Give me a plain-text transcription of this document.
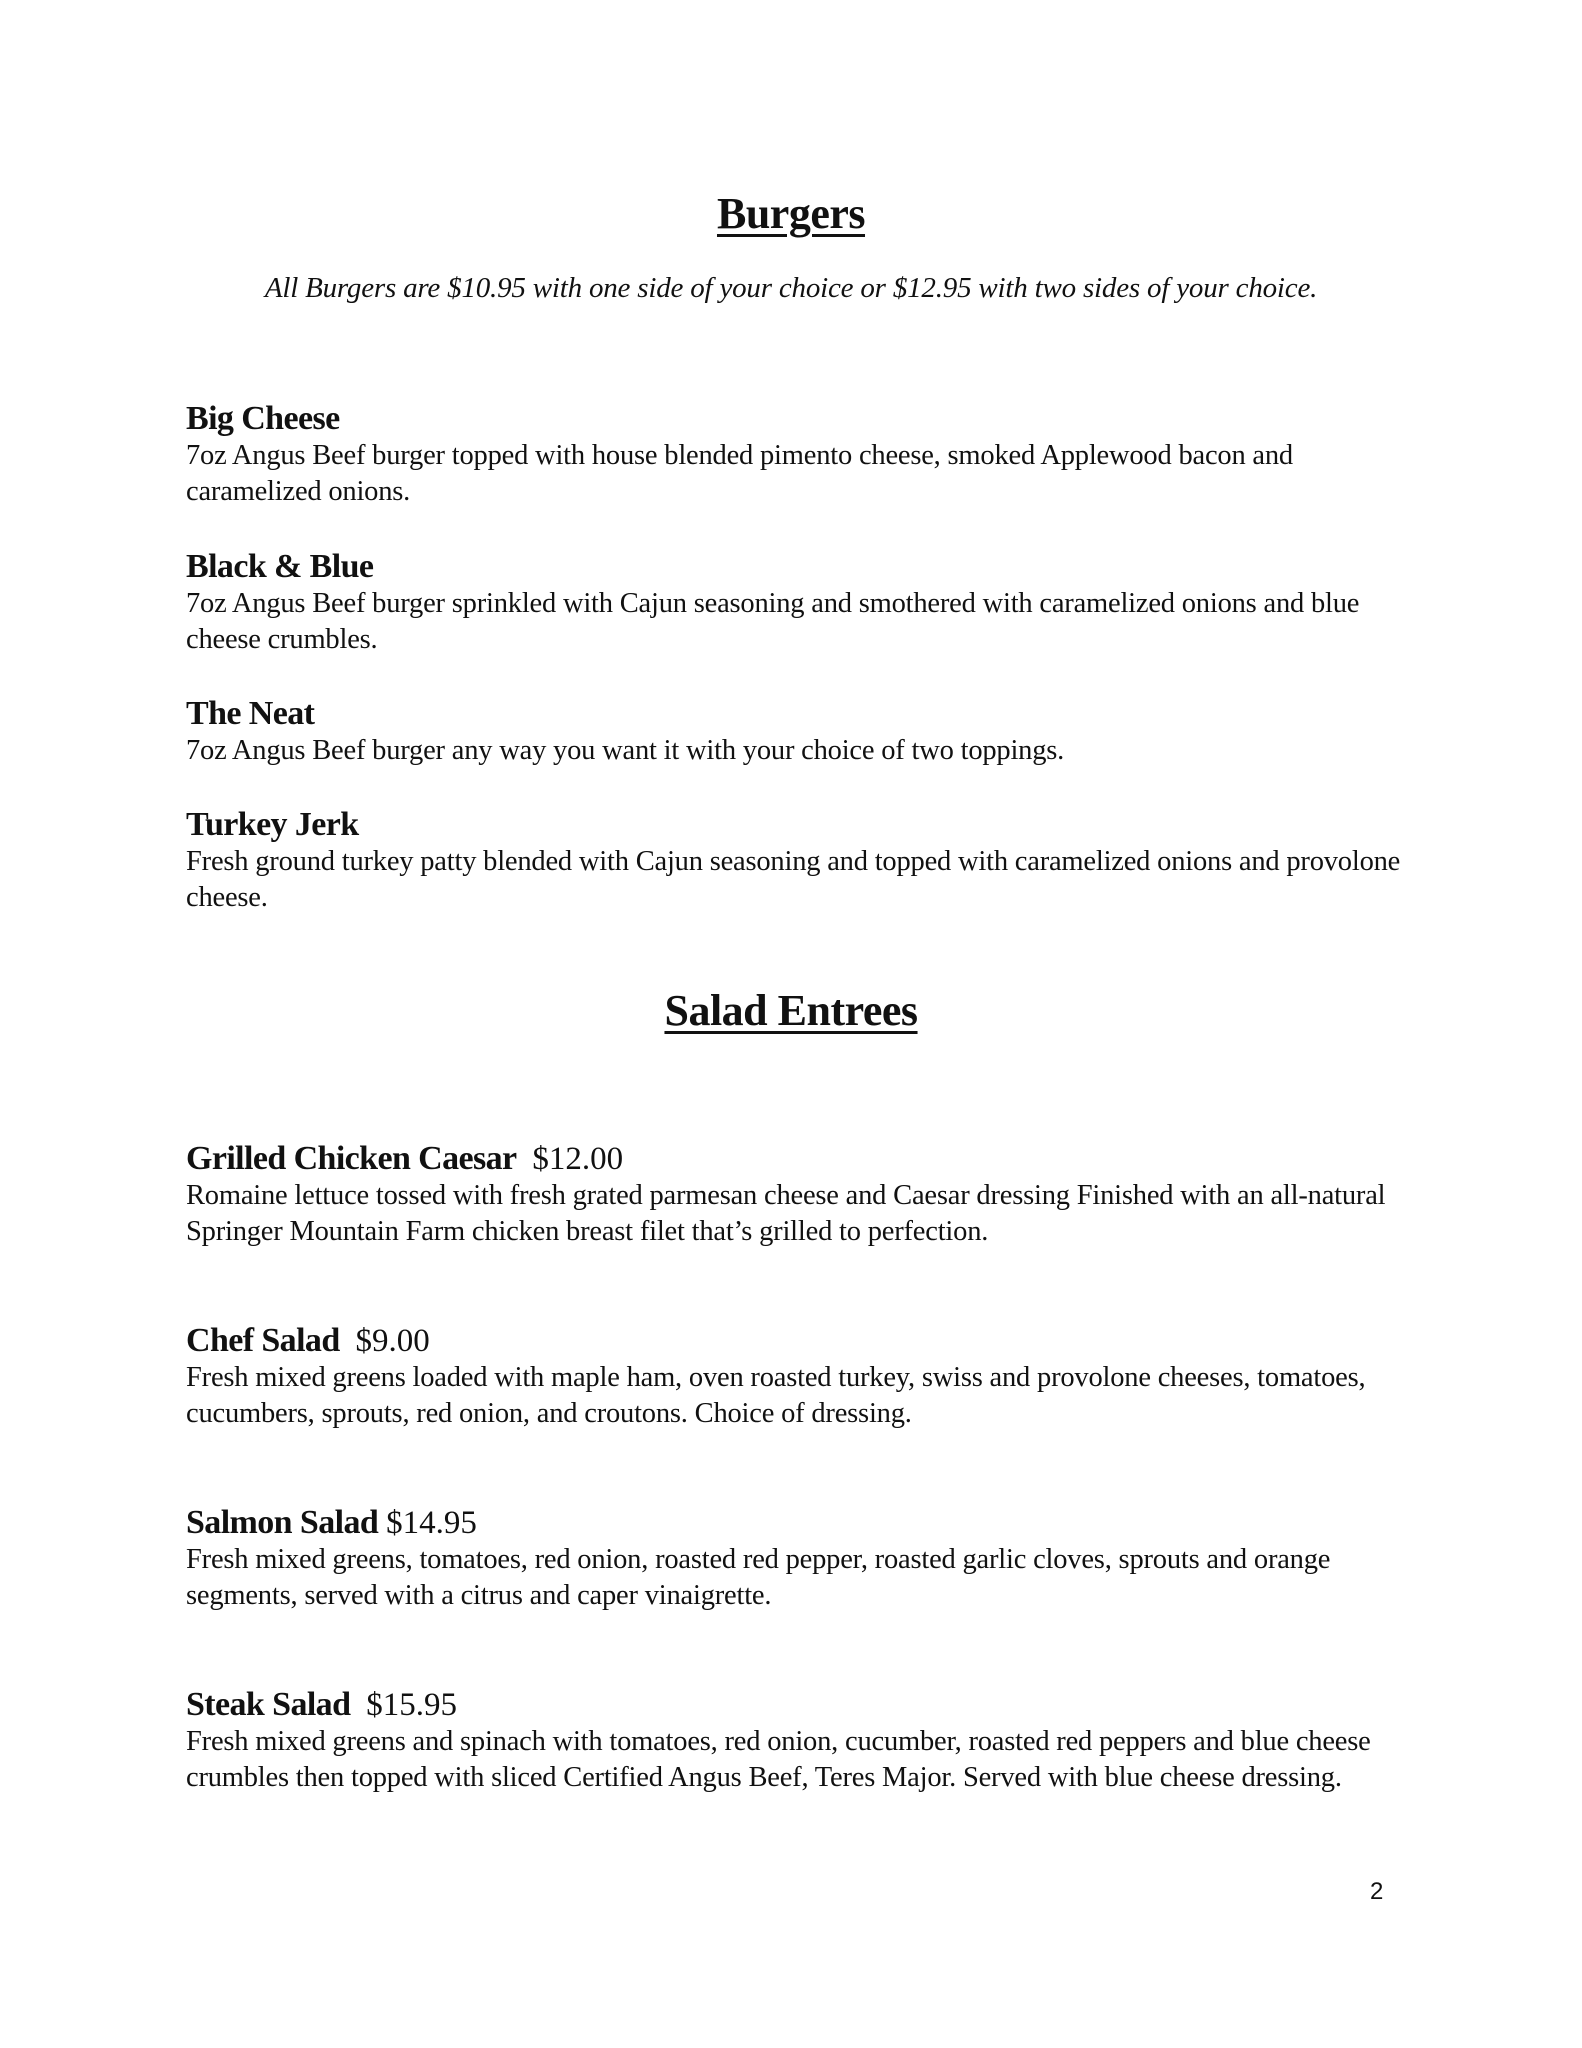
Burgers
All Burgers are $10.95 with one side of your choice or $12.95 with two sides of your choice.

Big Cheese

7oz Angus Beef burger topped with house blended pimento cheese, smoked Applewood bacon and caramelized onions.

Black & Blue

7oz Angus Beef burger sprinkled with Cajun seasoning and smothered with caramelized onions and blue cheese crumbles.

The Neat

7oz Angus Beef burger any way you want it with your choice of two toppings.

Turkey Jerk

Fresh ground turkey patty blended with Cajun seasoning and topped with caramelized onions and provolone cheese.

Salad Entrees

Grilled Chicken Caesar $12.00

Romaine lettuce tossed with fresh grated parmesan cheese and Caesar dressing Finished with an all-natural Springer Mountain Farm chicken breast filet that’s grilled to perfection.

Chef Salad $9.00

Fresh mixed greens loaded with maple ham, oven roasted turkey, swiss and provolone cheeses, tomatoes, cucumbers, sprouts, red onion, and croutons. Choice of dressing.

Salmon Salad $14.95

Fresh mixed greens, tomatoes, red onion, roasted red pepper, roasted garlic cloves, sprouts and orange segments, served with a citrus and caper vinaigrette.

Steak Salad $15.95

Fresh mixed greens and spinach with tomatoes, red onion, cucumber, roasted red peppers and blue cheese crumbles then topped with sliced Certified Angus Beef, Teres Major. Served with blue cheese dressing.

2
